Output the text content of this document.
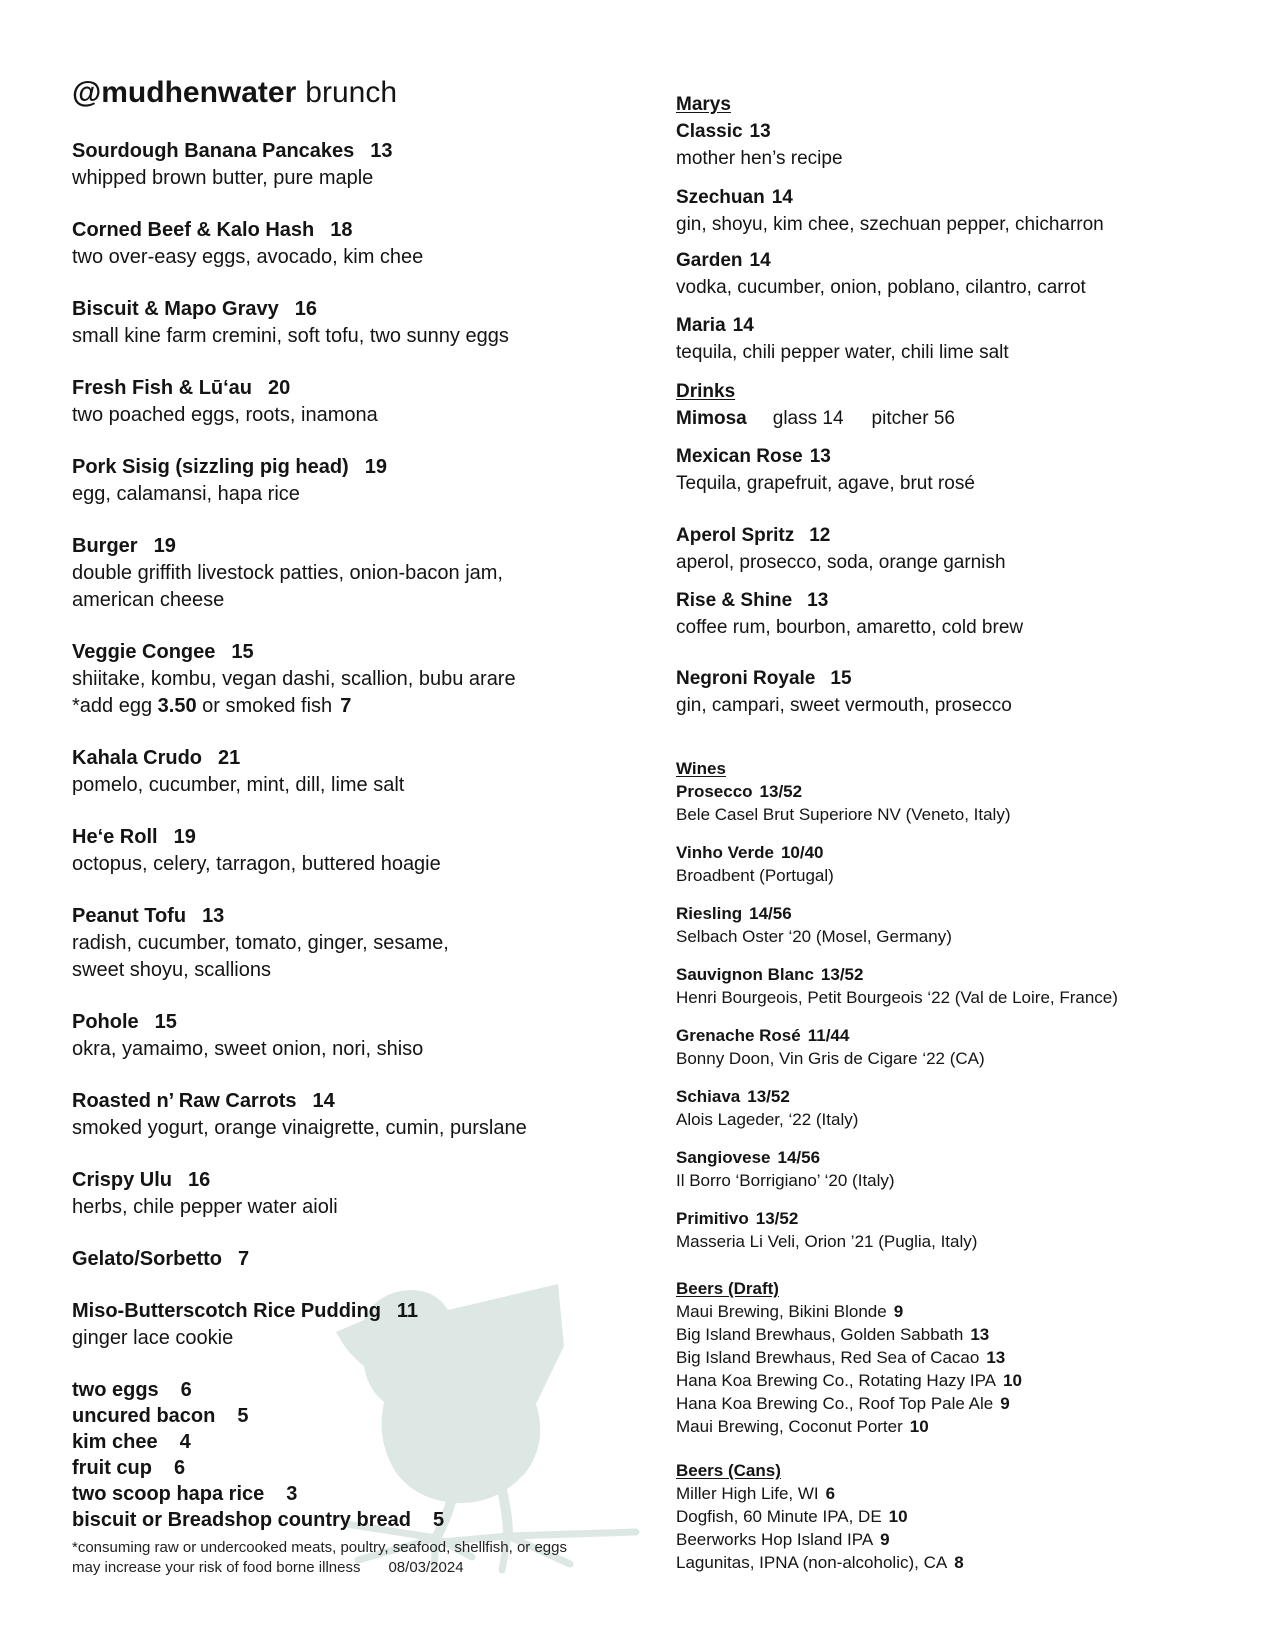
@mudhenwater brunch
Sourdough Banana Pancakes 13
whipped brown butter, pure maple
Corned Beef & Kalo Hash 18
two over-easy eggs, avocado, kim chee
Biscuit & Mapo Gravy 16
small kine farm cremini, soft tofu, two sunny eggs
Fresh Fish & Lū‘au 20
two poached eggs, roots, inamona
Pork Sisig (sizzling pig head) 19
egg, calamansi, hapa rice
Burger 19
double griffith livestock patties, onion-bacon jam,
american cheese
Veggie Congee 15
shiitake, kombu, vegan dashi, scallion, bubu arare
*add egg 3.50 or smoked fish 7
Kahala Crudo 21
pomelo, cucumber, mint, dill, lime salt
He‘e Roll 19
octopus, celery, tarragon, buttered hoagie
Peanut Tofu 13
radish, cucumber, tomato, ginger, sesame,
sweet shoyu, scallions
Pohole 15
okra, yamaimo, sweet onion, nori, shiso
Roasted n’ Raw Carrots 14
smoked yogurt, orange vinaigrette, cumin, purslane
Crispy Ulu 16
herbs, chile pepper water aioli
Gelato/Sorbetto 7
Miso-Butterscotch Rice Pudding 11
ginger lace cookie
two eggs 6
uncured bacon 5
kim chee 4
fruit cup 6
two scoop hapa rice 3
biscuit or Breadshop country bread 5
*consuming raw or undercooked meats, poultry, seafood, shellfish, or eggs
may increase your risk of food borne illness 08/03/2024
Marys
Classic 13
mother hen’s recipe
Szechuan 14
gin, shoyu, kim chee, szechuan pepper, chicharron
Garden 14
vodka, cucumber, onion, poblano, cilantro, carrot
Maria 14
tequila, chili pepper water, chili lime salt
Drinks
Mimosa glass 14 pitcher 56
Mexican Rose 13
Tequila, grapefruit, agave, brut rosé
Aperol Spritz 12
aperol, prosecco, soda, orange garnish
Rise & Shine 13
coffee rum, bourbon, amaretto, cold brew
Negroni Royale 15
gin, campari, sweet vermouth, prosecco
Wines
Prosecco 13/52
Bele Casel Brut Superiore NV (Veneto, Italy)
Vinho Verde 10/40
Broadbent (Portugal)
Riesling 14/56
Selbach Oster ‘20 (Mosel, Germany)
Sauvignon Blanc 13/52
Henri Bourgeois, Petit Bourgeois ‘22 (Val de Loire, France)
Grenache Rosé 11/44
Bonny Doon, Vin Gris de Cigare ‘22 (CA)
Schiava 13/52
Alois Lageder, ‘22 (Italy)
Sangiovese 14/56
Il Borro ‘Borrigiano’ ‘20 (Italy)
Primitivo 13/52
Masseria Li Veli, Orion ’21 (Puglia, Italy)
Beers (Draft)
Maui Brewing, Bikini Blonde 9
Big Island Brewhaus, Golden Sabbath 13
Big Island Brewhaus, Red Sea of Cacao 13
Hana Koa Brewing Co., Rotating Hazy IPA 10
Hana Koa Brewing Co., Roof Top Pale Ale 9
Maui Brewing, Coconut Porter 10
Beers (Cans)
Miller High Life, WI 6
Dogfish, 60 Minute IPA, DE 10
Beerworks Hop Island IPA 9
Lagunitas, IPNA (non-alcoholic), CA 8
